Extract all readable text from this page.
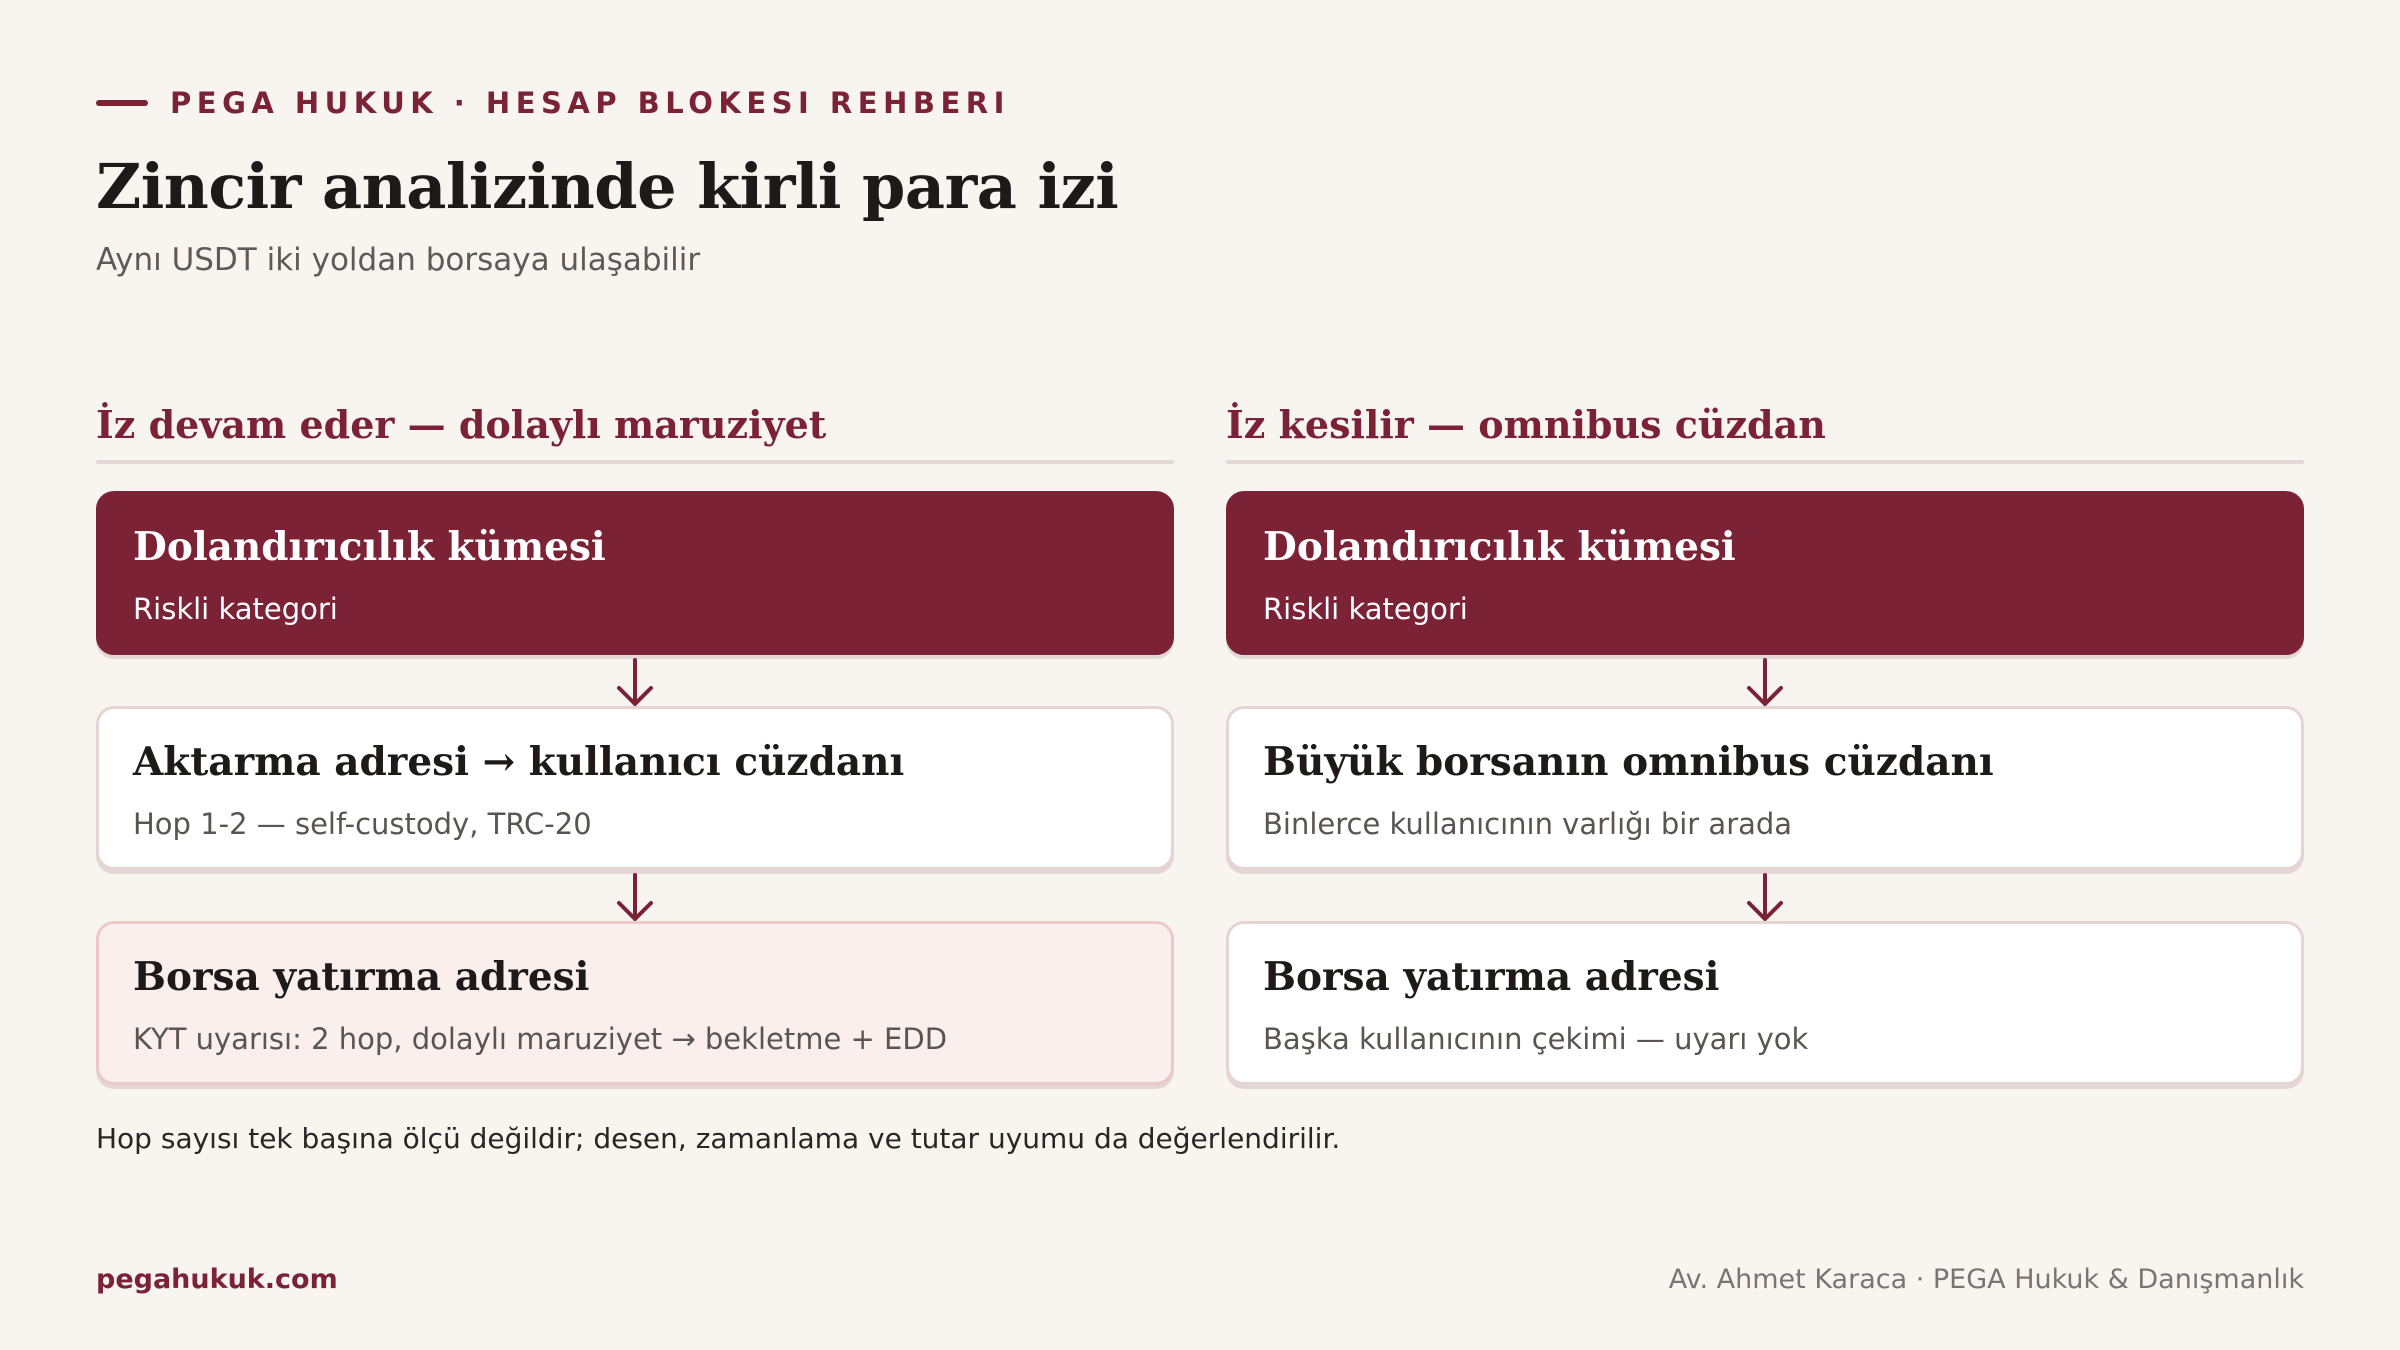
PEGA HUKUK · HESAP BLOKESI REHBERI
Zincir analizinde kirli para izi
Aynı USDT iki yoldan borsaya ulaşabilir
İz devam eder — dolaylı maruziyet
Dolandırıcılık kümesi
Riskli kategori
Aktarma adresi → kullanıcı cüzdanı
Hop 1-2 — self-custody, TRC-20
Borsa yatırma adresi
KYT uyarısı: 2 hop, dolaylı maruziyet → bekletme + EDD
İz kesilir — omnibus cüzdan
Dolandırıcılık kümesi
Riskli kategori
Büyük borsanın omnibus cüzdanı
Binlerce kullanıcının varlığı bir arada
Borsa yatırma adresi
Başka kullanıcının çekimi — uyarı yok
Hop sayısı tek başına ölçü değildir; desen, zamanlama ve tutar uyumu da değerlendirilir.
pegahukuk.com	Av. Ahmet Karaca · PEGA Hukuk & Danışmanlık
